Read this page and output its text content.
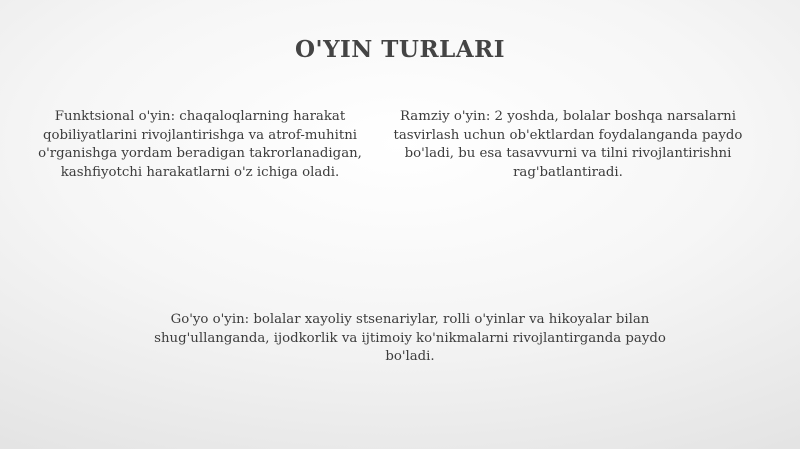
O'YIN TURLARI
Funktsional o'yin: chaqaloqlarning harakat qobiliyatlarini rivojlantirishga va atrof-muhitni o'rganishga yordam beradigan takrorlanadigan, kashfiyotchi harakatlarni o'z ichiga oladi.
Ramziy o'yin: 2 yoshda, bolalar boshqa narsalarni tasvirlash uchun ob'ektlardan foydalanganda paydo bo'ladi, bu esa tasavvurni va tilni rivojlantirishni rag'batlantiradi.
Go'yo o'yin: bolalar xayoliy stsenariylar, rolli o'yinlar va hikoyalar bilan shug'ullanganda, ijodkorlik va ijtimoiy ko'nikmalarni rivojlantirganda paydo bo'ladi.
